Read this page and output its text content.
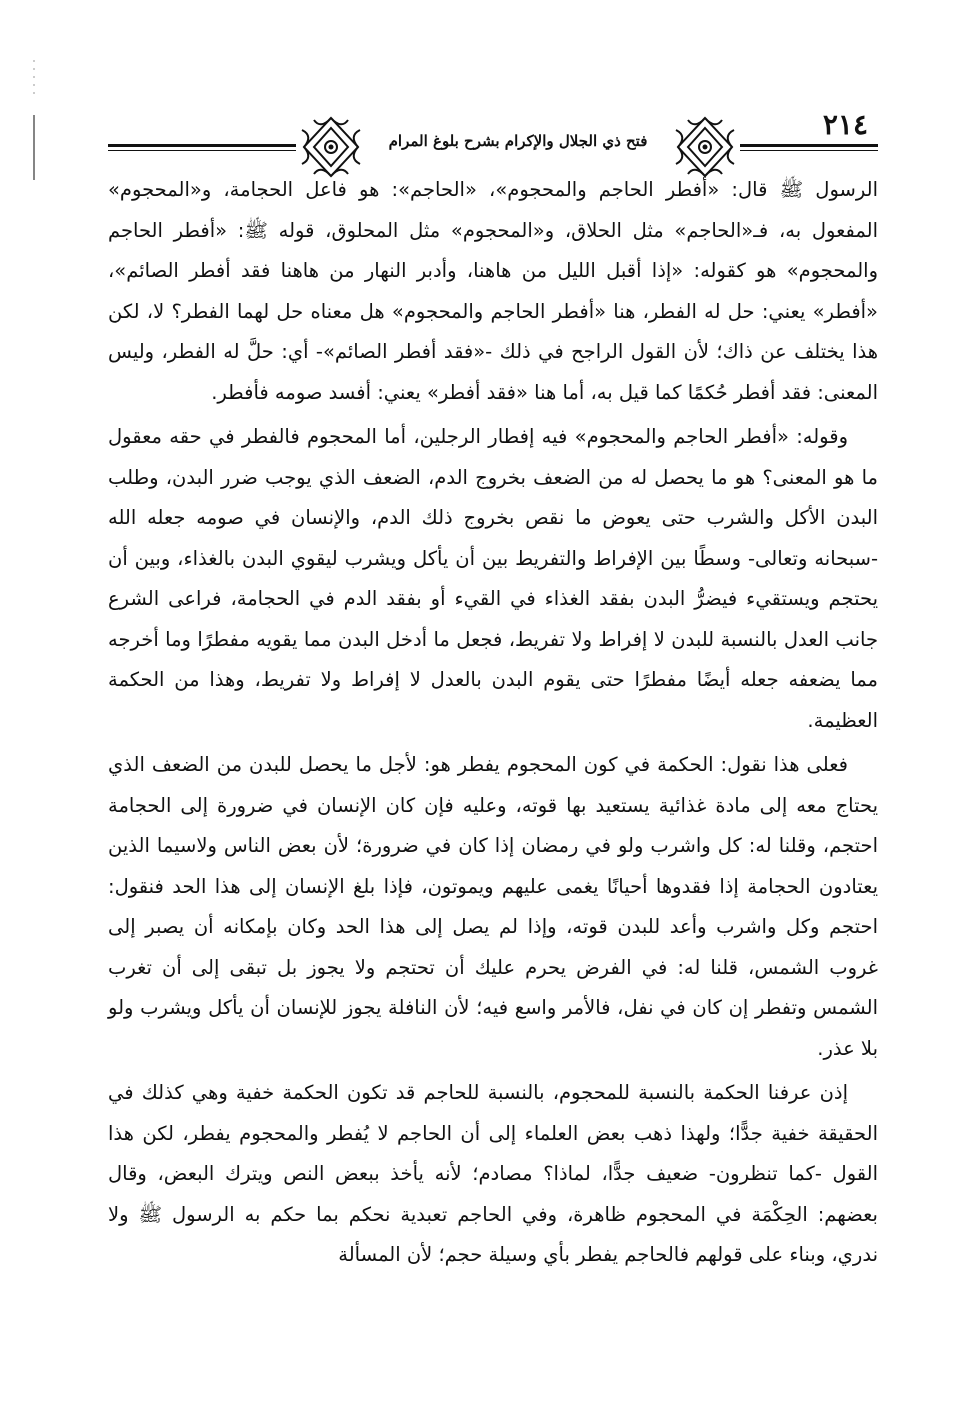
فتح ذي الجلال والإكرام بشرح بلوغ المرام	٢١٤

الرسول ﷺ قال: «أفطر الحاجم والمحجوم»، «الحاجم»: هو فاعل الحجامة، و«المحجوم» المفعول به، فـ«الحاجم» مثل الحلاق، و«المحجوم» مثل المحلوق، قوله ﷺ: «أفطر الحاجم والمحجوم» هو كقوله: «إذا أقبل الليل من هاهنا، وأدبر النهار من هاهنا فقد أفطر الصائم»، «أفطر» يعني: حل له الفطر، هنا «أفطر الحاجم والمحجوم» هل معناه حل لهما الفطر؟ لا، لكن هذا يختلف عن ذاك؛ لأن القول الراجح في ذلك -«فقد أفطر الصائم»- أي: حلَّ له الفطر، وليس المعنى: فقد أفطر حُكمًا كما قيل به، أما هنا «فقد أفطر» يعني: أفسد صومه فأفطر.

وقوله: «أفطر الحاجم والمحجوم» فيه إفطار الرجلين، أما المحجوم فالفطر في حقه معقول ما هو المعنى؟ هو ما يحصل له من الضعف بخروج الدم، الضعف الذي يوجب ضرر البدن، وطلب البدن الأكل والشرب حتى يعوض ما نقص بخروج ذلك الدم، والإنسان في صومه جعله الله -سبحانه وتعالى- وسطًا بين الإفراط والتفريط بين أن يأكل ويشرب ليقوي البدن بالغذاء، وبين أن يحتجم ويستقيء فيضرُّ البدن بفقد الغذاء في القيء أو بفقد الدم في الحجامة، فراعى الشرع جانب العدل بالنسبة للبدن لا إفراط ولا تفريط، فجعل ما أدخل البدن مما يقويه مفطرًا وما أخرجه مما يضعفه جعله أيضًا مفطرًا حتى يقوم البدن بالعدل لا إفراط ولا تفريط، وهذا من الحكمة العظيمة.

فعلى هذا نقول: الحكمة في كون المحجوم يفطر هو: لأجل ما يحصل للبدن من الضعف الذي يحتاج معه إلى مادة غذائية يستعيد بها قوته، وعليه فإن كان الإنسان في ضرورة إلى الحجامة احتجم، وقلنا له: كل واشرب ولو في رمضان إذا كان في ضرورة؛ لأن بعض الناس ولاسيما الذين يعتادون الحجامة إذا فقدوها أحيانًا يغمى عليهم ويموتون، فإذا بلغ الإنسان إلى هذا الحد فنقول: احتجم وكل واشرب وأعد للبدن قوته، وإذا لم يصل إلى هذا الحد وكان بإمكانه أن يصبر إلى غروب الشمس، قلنا له: في الفرض يحرم عليك أن تحتجم ولا يجوز بل تبقى إلى أن تغرب الشمس وتفطر إن كان في نفل، فالأمر واسع فيه؛ لأن النافلة يجوز للإنسان أن يأكل ويشرب ولو بلا عذر.

إذن عرفنا الحكمة بالنسبة للمحجوم، بالنسبة للحاجم قد تكون الحكمة خفية وهي كذلك في الحقيقة خفية جدًّا؛ ولهذا ذهب بعض العلماء إلى أن الحاجم لا يُفطر والمحجوم يفطر، لكن هذا القول -كما تنظرون- ضعيف جدًّا، لماذا؟ مصادم؛ لأنه يأخذ ببعض النص ويترك البعض، وقال بعضهم: الحِكْمَة في المحجوم ظاهرة، وفي الحاجم تعبدية نحكم بما حكم به الرسول ﷺ ولا ندري، وبناء على قولهم فالحاجم يفطر بأي وسيلة حجم؛ لأن المسألة
